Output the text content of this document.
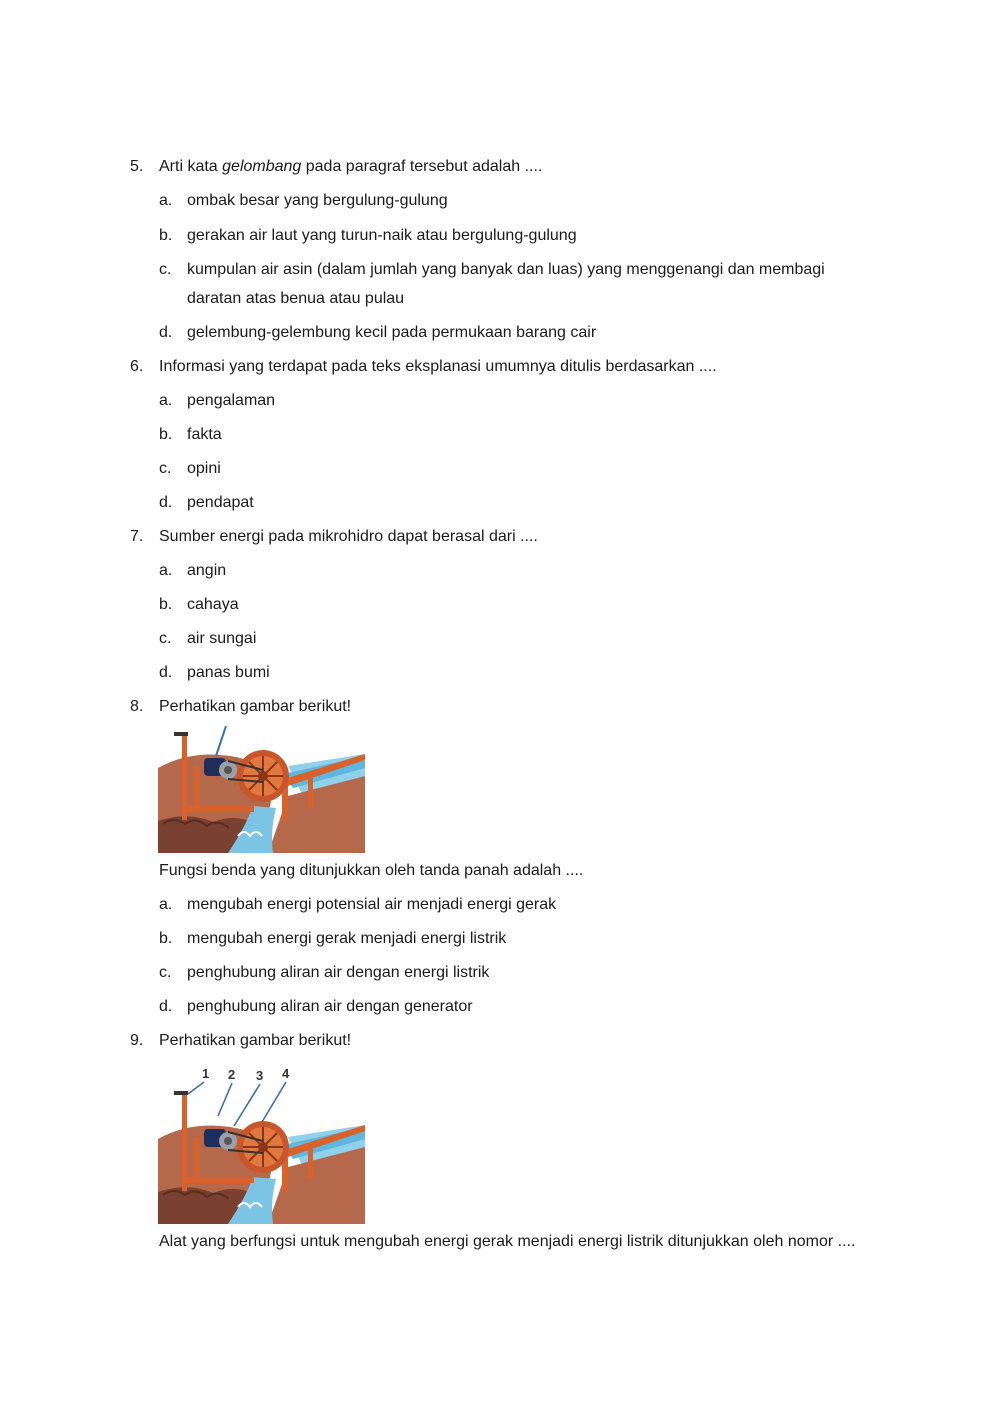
5. Arti kata gelombang pada paragraf tersebut adalah ....
a. ombak besar yang bergulung-gulung
b. gerakan air laut yang turun-naik atau bergulung-gulung
c. kumpulan air asin (dalam jumlah yang banyak dan luas) yang menggenangi dan membagi
daratan atas benua atau pulau
d. gelembung-gelembung kecil pada permukaan barang cair
6. Informasi yang terdapat pada teks eksplanasi umumnya ditulis berdasarkan ....
a. pengalaman
b. fakta
c. opini
d. pendapat
7. Sumber energi pada mikrohidro dapat berasal dari ....
a. angin
b. cahaya
c. air sungai
d. panas bumi
8. Perhatikan gambar berikut!
Fungsi benda yang ditunjukkan oleh tanda panah adalah ....
a. mengubah energi potensial air menjadi energi gerak
b. mengubah energi gerak menjadi energi listrik
c. penghubung aliran air dengan energi listrik
d. penghubung aliran air dengan generator
9. Perhatikan gambar berikut!
1 2 3 4
Alat yang berfungsi untuk mengubah energi gerak menjadi energi listrik ditunjukkan oleh nomor ....
